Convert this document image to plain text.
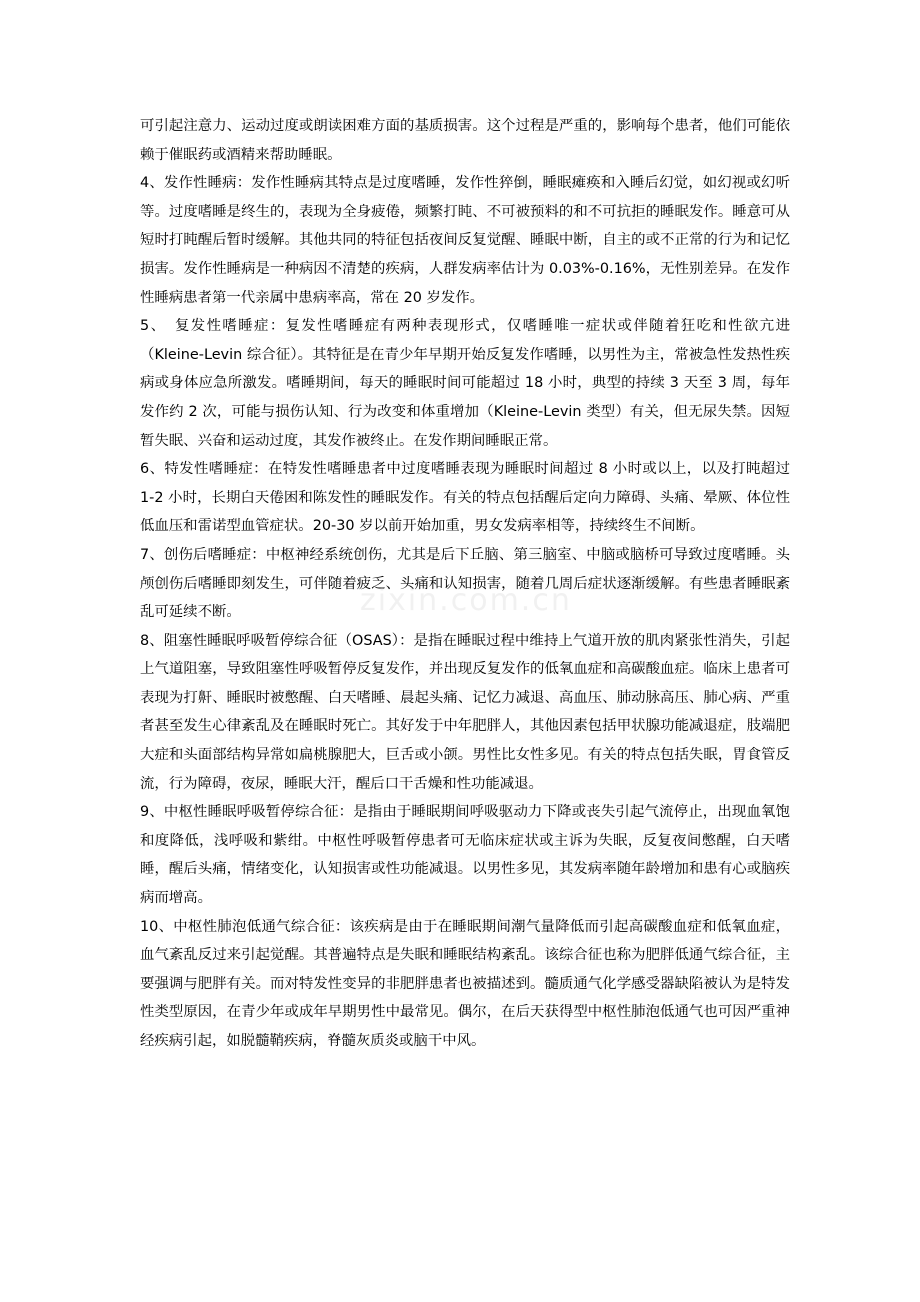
可引起注意力、运动过度或朗读困难方面的基质损害。这个过程是严重的，影响每个患者，他们可能依赖于催眠药或酒精来帮助睡眠。

4、发作性睡病：发作性睡病其特点是过度嗜睡，发作性猝倒，睡眠瘫痪和入睡后幻觉，如幻视或幻听等。过度嗜睡是终生的，表现为全身疲倦，频繁打盹、不可被预料的和不可抗拒的睡眠发作。睡意可从短时打盹醒后暂时缓解。其他共同的特征包括夜间反复觉醒、睡眠中断，自主的或不正常的行为和记忆损害。发作性睡病是一种病因不清楚的疾病，人群发病率估计为 0.03%-0.16%，无性别差异。在发作性睡病患者第一代亲属中患病率高，常在 20 岁发作。

5、　复发性嗜睡症：复发性嗜睡症有两种表现形式，仅嗜睡唯一症状或伴随着狂吃和性欲亢进（Kleine-Levin 综合征）。其特征是在青少年早期开始反复发作嗜睡，以男性为主，常被急性发热性疾病或身体应急所激发。嗜睡期间，每天的睡眠时间可能超过 18 小时，典型的持续 3 天至 3 周，每年发作约 2 次，可能与损伤认知、行为改变和体重增加（Kleine-Levin 类型）有关，但无尿失禁。因短暂失眠、兴奋和运动过度，其发作被终止。在发作期间睡眠正常。

6、特发性嗜睡症：在特发性嗜睡患者中过度嗜睡表现为睡眠时间超过 8 小时或以上，以及打盹超过 1-2 小时，长期白天倦困和陈发性的睡眠发作。有关的特点包括醒后定向力障碍、头痛、晕厥、体位性低血压和雷诺型血管症状。20-30 岁以前开始加重，男女发病率相等，持续终生不间断。

7、创伤后嗜睡症：中枢神经系统创伤，尤其是后下丘脑、第三脑室、中脑或脑桥可导致过度嗜睡。头颅创伤后嗜睡即刻发生，可伴随着疲乏、头痛和认知损害，随着几周后症状逐渐缓解。有些患者睡眠紊乱可延续不断。

8、阻塞性睡眠呼吸暂停综合征（OSAS）：是指在睡眠过程中维持上气道开放的肌肉紧张性消失，引起上气道阻塞，导致阻塞性呼吸暂停反复发作，并出现反复发作的低氧血症和高碳酸血症。临床上患者可表现为打鼾、睡眠时被憋醒、白天嗜睡、晨起头痛、记忆力减退、高血压、肺动脉高压、肺心病、严重者甚至发生心律紊乱及在睡眠时死亡。其好发于中年肥胖人，其他因素包括甲状腺功能减退症，肢端肥大症和头面部结构异常如扁桃腺肥大，巨舌或小颌。男性比女性多见。有关的特点包括失眠，胃食管反流，行为障碍，夜尿，睡眠大汗，醒后口干舌燥和性功能减退。

9、中枢性睡眠呼吸暂停综合征：是指由于睡眠期间呼吸驱动力下降或丧失引起气流停止，出现血氧饱和度降低，浅呼吸和紫绀。中枢性呼吸暂停患者可无临床症状或主诉为失眠，反复夜间憋醒，白天嗜睡，醒后头痛，情绪变化，认知损害或性功能减退。以男性多见，其发病率随年龄增加和患有心或脑疾病而增高。

10、中枢性肺泡低通气综合征：该疾病是由于在睡眠期间潮气量降低而引起高碳酸血症和低氧血症，血气紊乱反过来引起觉醒。其普遍特点是失眠和睡眠结构紊乱。该综合征也称为肥胖低通气综合征，主要强调与肥胖有关。而对特发性变异的非肥胖患者也被描述到。髓质通气化学感受器缺陷被认为是特发性类型原因，在青少年或成年早期男性中最常见。偶尔，在后天获得型中枢性肺泡低通气也可因严重神经疾病引起，如脱髓鞘疾病，脊髓灰质炎或脑干中风。

zixin.com.cn
